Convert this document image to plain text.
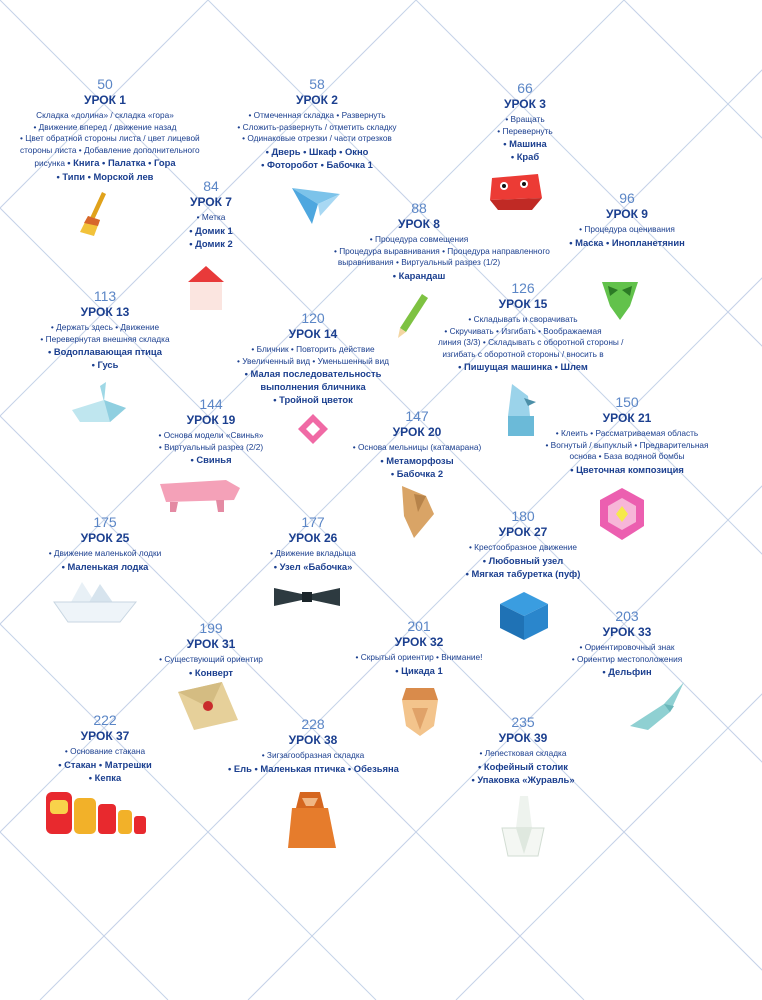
50
УРОК 1
Складка «долина» / складка «гора»
• Движение вперед / движение назад
• Цвет обратной стороны листа / цвет лицевой
стороны листа • Добавление дополнительного
рисунка • Книга • Палатка • Гора
• Типи • Морской лев
58
УРОК 2
• Отмеченная складка • Развернуть
• Сложить-развернуть / отметить складку
• Одинаковые отрезки / части отрезков
• Дверь • Шкаф • Окно
• Фоторобот • Бабочка 1
66
УРОК 3
• Вращать
• Перевернуть
• Машина
• Краб
84
УРОК 7
• Метка
• Домик 1
• Домик 2
88
УРОК 8
• Процедура совмещения
• Процедура выравнивания • Процедура направленного
выравнивания • Виртуальный разрез (1/2)
• Карандаш
96
УРОК 9
• Процедура оценивания
• Маска • Инопланетянин
113
УРОК 13
• Держать здесь • Движение
• Перевернутая внешняя складка
• Водоплавающая птица
• Гусь
120
УРОК 14
• Бличник • Повторить действие
• Увеличенный вид • Уменьшенный вид
• Малая последовательность
выполнения бличника
• Тройной цветок
126
УРОК 15
• Складывать и сворачивать
• Скручивать • Изгибать • Воображаемая
линия (3/3) • Складывать с оборотной стороны /
изгибать с оборотной стороны / вносить в
• Пишущая машинка • Шлем
144
УРОК 19
• Основа модели «Свинья»
• Виртуальный разрез (2/2)
• Свинья
147
УРОК 20
• Основа мельницы (катамарана)
• Метаморфозы
• Бабочка 2
150
УРОК 21
• Клеить • Рассматриваемая область
• Вогнутый / выпуклый • Предварительная
основа • База водяной бомбы
• Цветочная композиция
175
УРОК 25
• Движение маленькой лодки
• Маленькая лодка
177
УРОК 26
• Движение вкладыша
• Узел «Бабочка»
180
УРОК 27
• Крестообразное движение
• Любовный узел
• Мягкая табуретка (пуф)
199
УРОК 31
• Существующий ориентир
• Конверт
201
УРОК 32
• Скрытый ориентир • Внимание!
• Цикада 1
203
УРОК 33
• Ориентировочный знак
• Ориентир местоположения
• Дельфин
222
УРОК 37
• Основание стакана
• Стакан • Матрешки
• Кепка
228
УРОК 38
• Зигзагообразная складка
• Ель • Маленькая птичка • Обезьяна
235
УРОК 39
• Лепестковая складка
• Кофейный столик
• Упаковка «Журавль»
